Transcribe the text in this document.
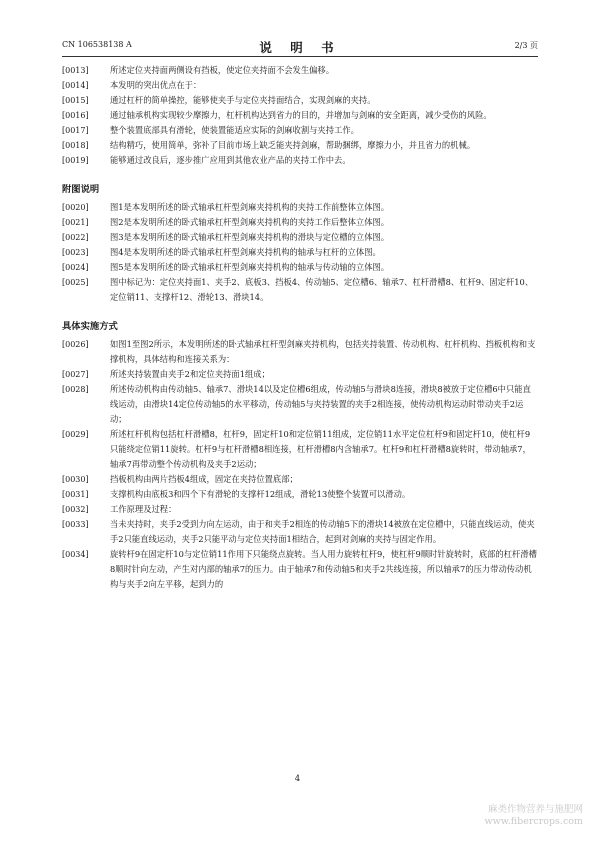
CN 106538138 A	说 明 书	2/3 页
[0013]	所述定位夹持面两侧设有挡板，使定位夹持面不会发生偏移。
[0014]	本发明的突出优点在于：
[0015]	通过杠杆的简单操控，能够使夹手与定位夹持面结合，实现剑麻的夹持。
[0016]	通过轴承机构实现较少摩擦力，杠杆机构达到省力的目的，并增加与剑麻的安全距离，减少受伤的风险。
[0017]	整个装置底部具有滑轮，使装置能适应实际的剑麻收割与夹持工作。
[0018]	结构精巧，使用简单，弥补了目前市场上缺乏能夹持剑麻，帮助捆绑，摩擦力小，并且省力的机械。
[0019]	能够通过改良后，逐步推广应用到其他农业产品的夹持工作中去。
附图说明
[0020]	图1是本发明所述的卧式轴承杠杆型剑麻夹持机构的夹持工作前整体立体图。
[0021]	图2是本发明所述的卧式轴承杠杆型剑麻夹持机构的夹持工作后整体立体图。
[0022]	图3是本发明所述的卧式轴承杠杆型剑麻夹持机构的滑块与定位槽的立体图。
[0023]	图4是本发明所述的卧式轴承杠杆型剑麻夹持机构的轴承与杠杆的立体图。
[0024]	图5是本发明所述的卧式轴承杠杆型剑麻夹持机构的轴承与传动轴的立体图。
[0025]	图中标记为：定位夹持面1、夹手2、底板3、挡板4、传动轴5、定位槽6、轴承7、杠杆滑槽8、杠杆9、固定杆10、定位销11、支撑杆12、滑轮13、滑块14。
具体实施方式
[0026]	如图1至图2所示，本发明所述的卧式轴承杠杆型剑麻夹持机构，包括夹持装置、传动机构、杠杆机构、挡板机构和支撑机构，具体结构和连接关系为：
[0027]	所述夹持装置由夹手2和定位夹持面1组成；
[0028]	所述传动机构由传动轴5、轴承7、滑块14以及定位槽6组成，传动轴5与滑块8连接，滑块8被放于定位槽6中只能直线运动，由滑块14定位传动轴5的水平移动，传动轴5与夹持装置的夹手2相连接，使传动机构运动时带动夹手2运动；
[0029]	所述杠杆机构包括杠杆滑槽8，杠杆9，固定杆10和定位销11组成，定位销11水平定位杠杆9和固定杆10，使杠杆9只能绕定位销11旋转。杠杆9与杠杆滑槽8相连接，杠杆滑槽8内含轴承7。杠杆9和杠杆滑槽8旋转时，带动轴承7，轴承7再带动整个传动机构及夹手2运动；
[0030]	挡板机构由两片挡板4组成，固定在夹持位置底部；
[0031]	支撑机构由底板3和四个下有滑轮的支撑杆12组成，滑轮13使整个装置可以滑动。
[0032]	工作原理及过程：
[0033]	当未夹持时，夹手2受到力向左运动，由于和夹手2相连的传动轴5下的滑块14被放在定位槽中，只能直线运动，使夹手2只能直线运动，夹手2只能平动与定位夹持面1相结合，起到对剑麻的夹持与固定作用。
[0034]	旋转杆9在固定杆10与定位销11作用下只能绕点旋转。当人用力旋转杠杆9，使杠杆9顺时针旋转时，底部的杠杆滑槽8顺时针向左动，产生对内部的轴承7的压力。由于轴承7和传动轴5和夹手2共线连接，所以轴承7的压力带动传动机构与夹手2向左平移，起到力的
4
麻类作物营养与施肥网
www.fibercrops.com
